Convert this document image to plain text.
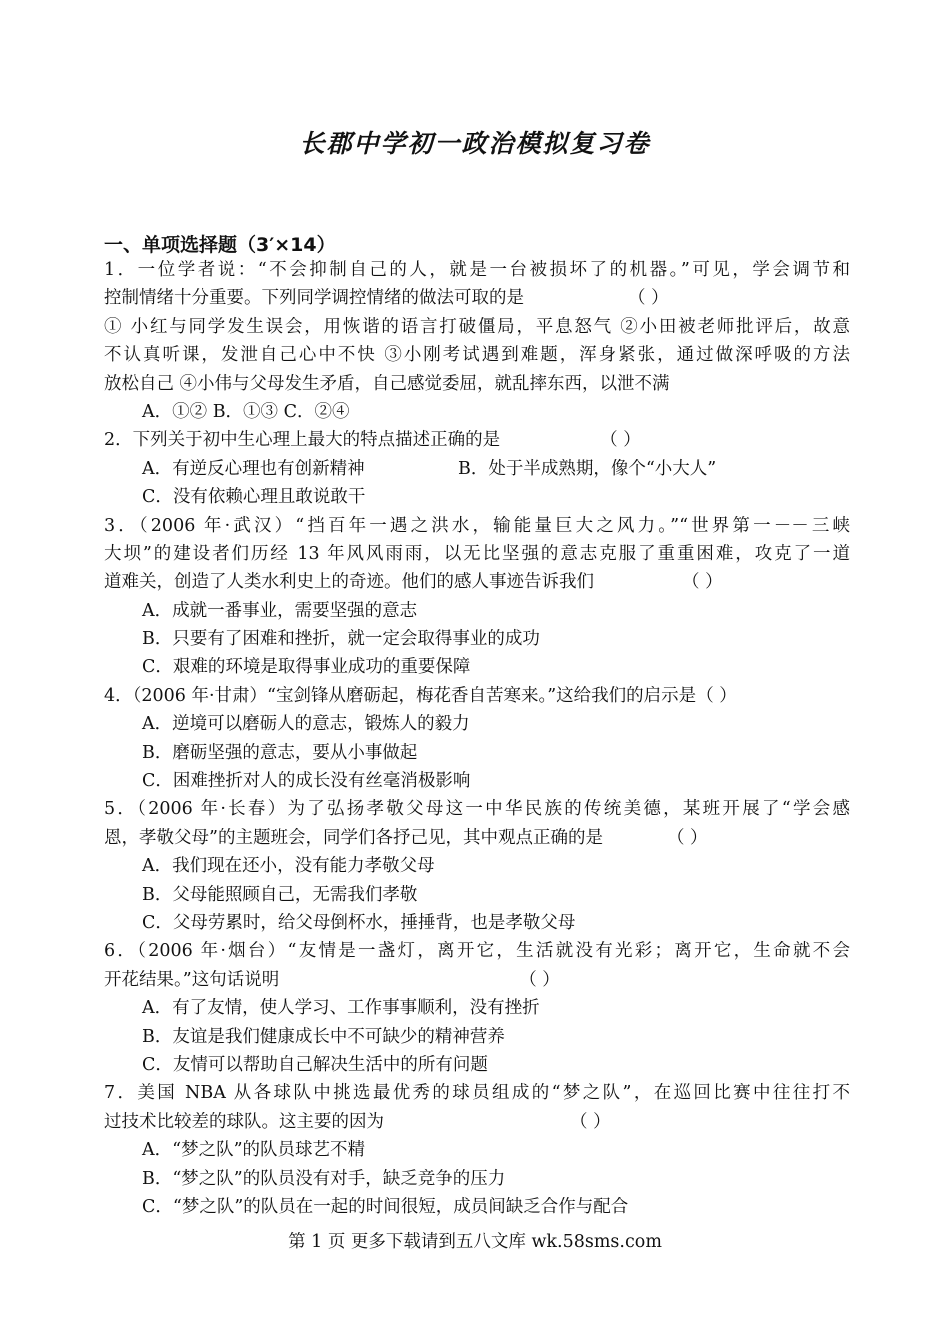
长郡中学初一政治模拟复习卷
一、单项选择题（3′×14）
1．一位学者说：“不会抑制自己的人，就是一台被损坏了的机器。”可见，学会调节和
控制情绪十分重要。下列同学调控情绪的做法可取的是	（ ）
① 小红与同学发生误会，用恢谐的语言打破僵局，平息怒气 ②小田被老师批评后，故意
不认真听课，发泄自己心中不快 ③小刚考试遇到难题，浑身紧张，通过做深呼吸的方法
放松自己 ④小伟与父母发生矛盾，自己感觉委屈，就乱摔东西，以泄不满
A．①② B．①③ C．②④
2．下列关于初中生心理上最大的特点描述正确的是	（ ）
A．有逆反心理也有创新精神	B．处于半成熟期，像个“小大人”
C．没有依赖心理且敢说敢干
3．（2006 年·武汉）“挡百年一遇之洪水，输能量巨大之风力。”“世界第一－－三峡
大坝”的建设者们历经 13 年风风雨雨，以无比坚强的意志克服了重重困难，攻克了一道
道难关，创造了人类水利史上的奇迹。他们的感人事迹告诉我们	（ ）
A．成就一番事业，需要坚强的意志
B．只要有了困难和挫折，就一定会取得事业的成功
C．艰难的环境是取得事业成功的重要保障
4．（2006 年·甘肃）“宝剑锋从磨砺起，梅花香自苦寒来。”这给我们的启示是（ ）
A．逆境可以磨砺人的意志，锻炼人的毅力
B．磨砺坚强的意志，要从小事做起
C．困难挫折对人的成长没有丝毫消极影响
5．（2006 年·长春）为了弘扬孝敬父母这一中华民族的传统美德，某班开展了“学会感
恩，孝敬父母”的主题班会，同学们各抒己见，其中观点正确的是	（ ）
A．我们现在还小，没有能力孝敬父母
B．父母能照顾自己，无需我们孝敬
C．父母劳累时，给父母倒杯水，捶捶背，也是孝敬父母
6．（2006 年·烟台）“友情是一盏灯，离开它，生活就没有光彩；离开它，生命就不会
开花结果。”这句话说明	（ ）
A．有了友情，使人学习、工作事事顺利，没有挫折
B．友谊是我们健康成长中不可缺少的精神营养
C．友情可以帮助自己解决生活中的所有问题
7．美国 NBA 从各球队中挑选最优秀的球员组成的“梦之队”，在巡回比赛中往往打不
过技术比较差的球队。这主要的因为	（ ）
A．“梦之队”的队员球艺不精
B．“梦之队”的队员没有对手，缺乏竞争的压力
C．“梦之队”的队员在一起的时间很短，成员间缺乏合作与配合
第 1 页 更多下载请到五八文库 wk.58sms.com
